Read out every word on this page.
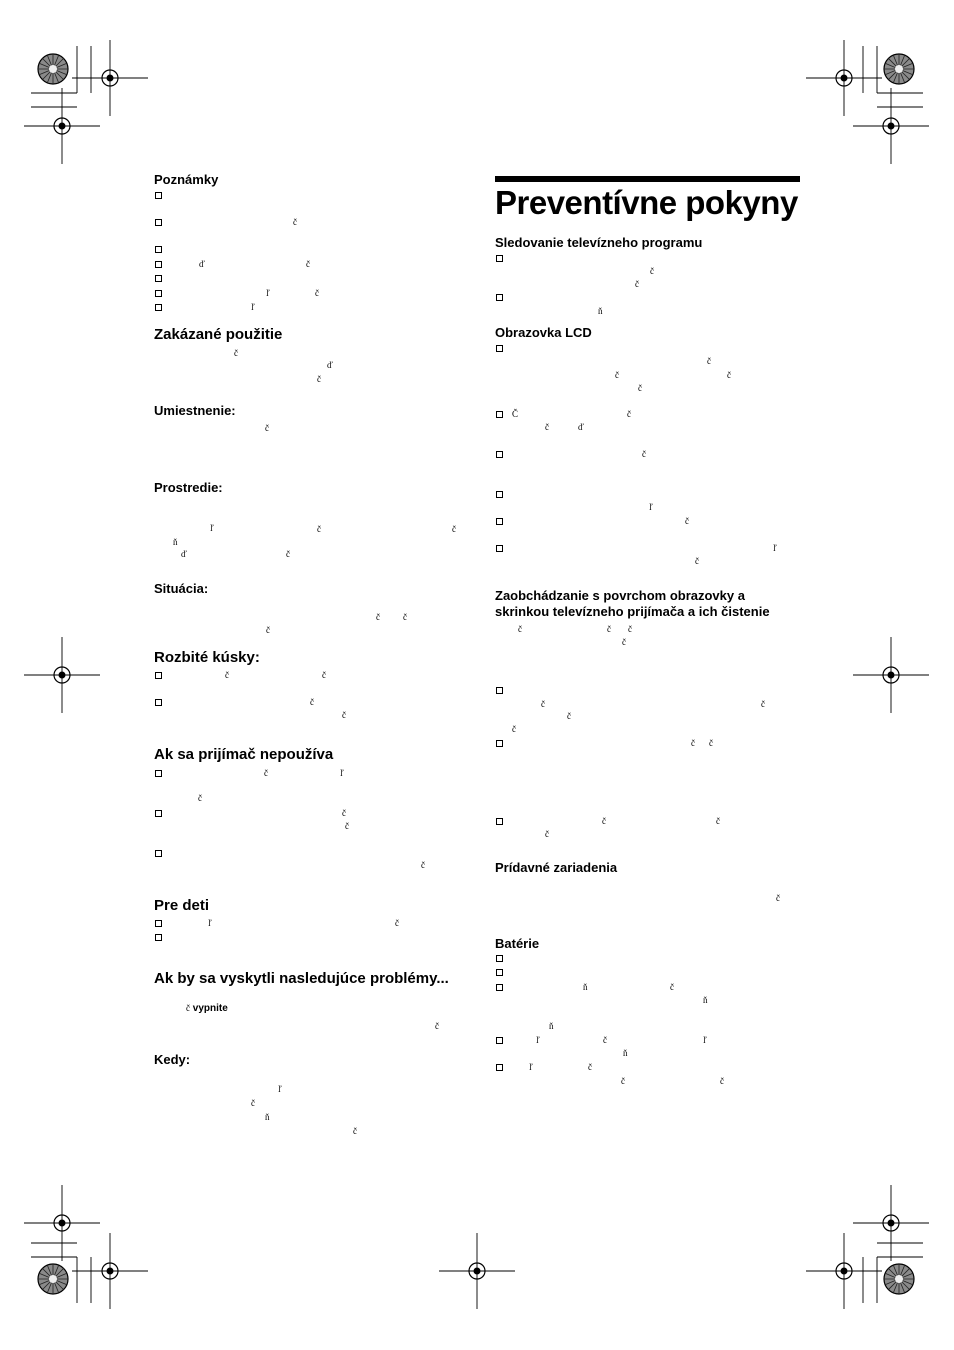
Preventívne pokyny
Poznámky
č
ď	č
ľ	č
ľ
Zakázané použitie
č
ď
č
Umiestnenie:
č
Prostredie:
ľ	č	č
ň
ď	č
Situácia:
č	č
č
Rozbité kúsky:
č	č
č
č
Ak sa prijímač nepoužíva
č	ľ
č
č
č
č
Pre deti
ľ	č
Ak by sa vyskytli nasledujúce problémy...
č vypnite
č
Kedy:
ľ
č
ň
č
Sledovanie televízneho programu
č
č
ň
Obrazovka LCD
č
č	č
č
Č	č
č	ď
č
ľ
č
ľ
č
Zaobchádzanie s povrchom obrazovky a
skrinkou televízneho prijímača a ich čistenie
č	č č
č
č	č
č
č
č č
č	č
č
Prídavné zariadenia
č
Batérie
ň	č
ň
ň
ľ	č	ľ
ň
ľ	č
č	č
